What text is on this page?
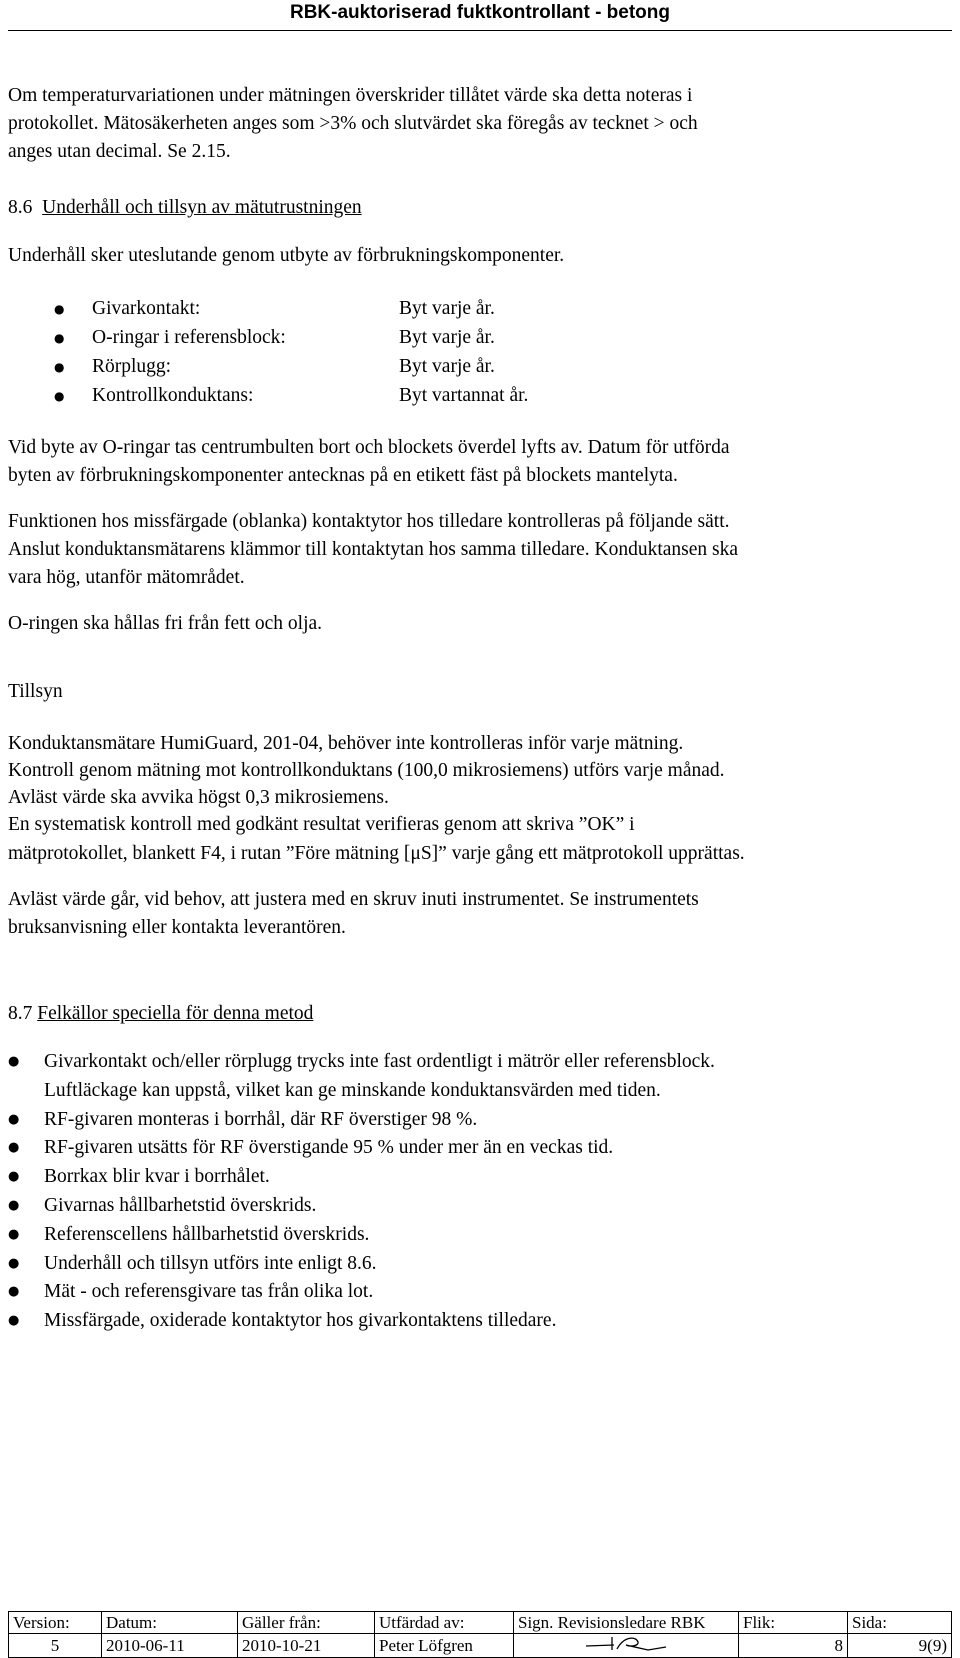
RBK-auktoriserad fuktkontrollant - betong

Om temperaturvariationen under mätningen överskrider tillåtet värde ska detta noteras i

protokollet. Mätosäkerheten anges som >3% och slutvärdet ska föregås av tecknet > och

anges utan decimal. Se 2.15.

8.6 Underhåll och tillsyn av mätutrustningen

Underhåll sker uteslutande genom utbyte av förbrukningskomponenter.

●	Givarkontakt:	Byt varje år.
●	O-ringar i referensblock:	Byt varje år.
●	Rörplugg:	Byt varje år.
●	Kontrollkonduktans:	Byt vartannat år.

Vid byte av O-ringar tas centrumbulten bort och blockets överdel lyfts av. Datum för utförda

byten av förbrukningskomponenter antecknas på en etikett fäst på blockets mantelyta.

Funktionen hos missfärgade (oblanka) kontaktytor hos tilledare kontrolleras på följande sätt.

Anslut konduktansmätarens klämmor till kontaktytan hos samma tilledare. Konduktansen ska

vara hög, utanför mätområdet.

O-ringen ska hållas fri från fett och olja.

Tillsyn

Konduktansmätare HumiGuard, 201-04, behöver inte kontrolleras inför varje mätning.

Kontroll genom mätning mot kontrollkonduktans (100,0 mikrosiemens) utförs varje månad.

Avläst värde ska avvika högst 0,3 mikrosiemens.

En systematisk kontroll med godkänt resultat verifieras genom att skriva ”OK” i

mätprotokollet, blankett F4, i rutan ”Före mätning [μS]” varje gång ett mätprotokoll upprättas.

Avläst värde går, vid behov, att justera med en skruv inuti instrumentet. Se instrumentets

bruksanvisning eller kontakta leverantören.

8.7 Felkällor speciella för denna metod

●	Givarkontakt och/eller rörplugg trycks inte fast ordentligt i mätrör eller referensblock.
Luftläckage kan uppstå, vilket kan ge minskande konduktansvärden med tiden.
●	RF-givaren monteras i borrhål, där RF överstiger 98 %.
●	RF-givaren utsätts för RF överstigande 95 % under mer än en veckas tid.
●	Borrkax blir kvar i borrhålet.
●	Givarnas hållbarhetstid överskrids.
●	Referenscellens hållbarhetstid överskrids.
●	Underhåll och tillsyn utförs inte enligt 8.6.
●	Mät - och referensgivare tas från olika lot.
●	Missfärgade, oxiderade kontaktytor hos givarkontaktens tilledare.
Version:	Datum:	Gäller från:	Utfärdad av:	Sign. Revisionsledare RBK	Flik:	Sida:
5	2010-06-11	2010-10-21	Peter Löfgren		8	9(9)
